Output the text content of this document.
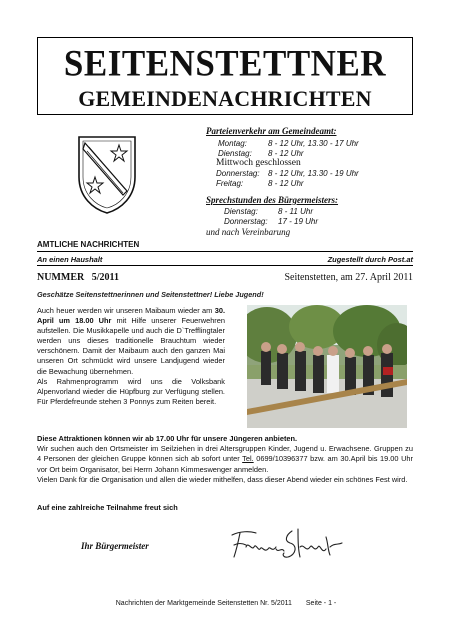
SEITENSTETTNER
GEMEINDENACHRICHTEN
Parteienverkehr am Gemeindeamt:
Montag:	8 - 12 Uhr, 13.30 - 17 Uhr
Dienstag: 8 - 12 Uhr
Mittwoch geschlossen
Donnerstag: 8 - 12 Uhr, 13.30 - 19 Uhr
Freitag:	8 - 12 Uhr
Sprechstunden des Bürgermeisters:
Dienstag:	8 - 11 Uhr
Donnerstag: 17 - 19 Uhr
und nach Vereinbarung
AMTLICHE NACHRICHTEN
An einen Haushalt	Zugestellt durch Post.at
NUMMER   5/2011	Seitenstetten, am 27. April 2011
Geschätze Seitenstettnerinnen und Seitenstettner! Liebe Jugend!
Auch heuer werden wir unseren Maibaum wieder am 30. April um 18.00 Uhr mit Hilfe unserer Feuerwehren aufstellen. Die Musikkapelle und auch die D`Trefflingtaler werden uns dieses traditionelle Brauchtum wieder verschönern. Damit der Maibaum auch den ganzen Mai unseren Ort schmückt wird unsere Landjugend wieder die Bewachung übernehmen.
Als Rahmenprogramm wird uns die Volksbank Alpenvorland wieder die Hüpfburg zur Verfügung stellen. Für Pferdefreunde stehen 3 Ponnys zum Reiten bereit.
Diese Attraktionen können wir ab 17.00 Uhr für unsere Jüngeren anbieten.
Wir suchen auch den Ortsmeister im Seilziehen in drei Altersgruppen Kinder, Jugend u. Erwachsene. Gruppen zu 4 Personen der gleichen Gruppe können sich ab sofort unter Tel. 0699/10396377 bzw. am 30.April bis 19.00 Uhr vor Ort beim Organisator, bei Herrn Johann Kimmeswenger anmelden.
Vielen Dank für die Organisation und allen die wieder mithelfen, dass dieser Abend wieder ein schönes Fest wird.
Auf eine zahlreiche Teilnahme freut sich
Ihr Bürgermeister
Nachrichten der Marktgemeinde Seitenstetten Nr. 5/2011 Seite - 1 -
